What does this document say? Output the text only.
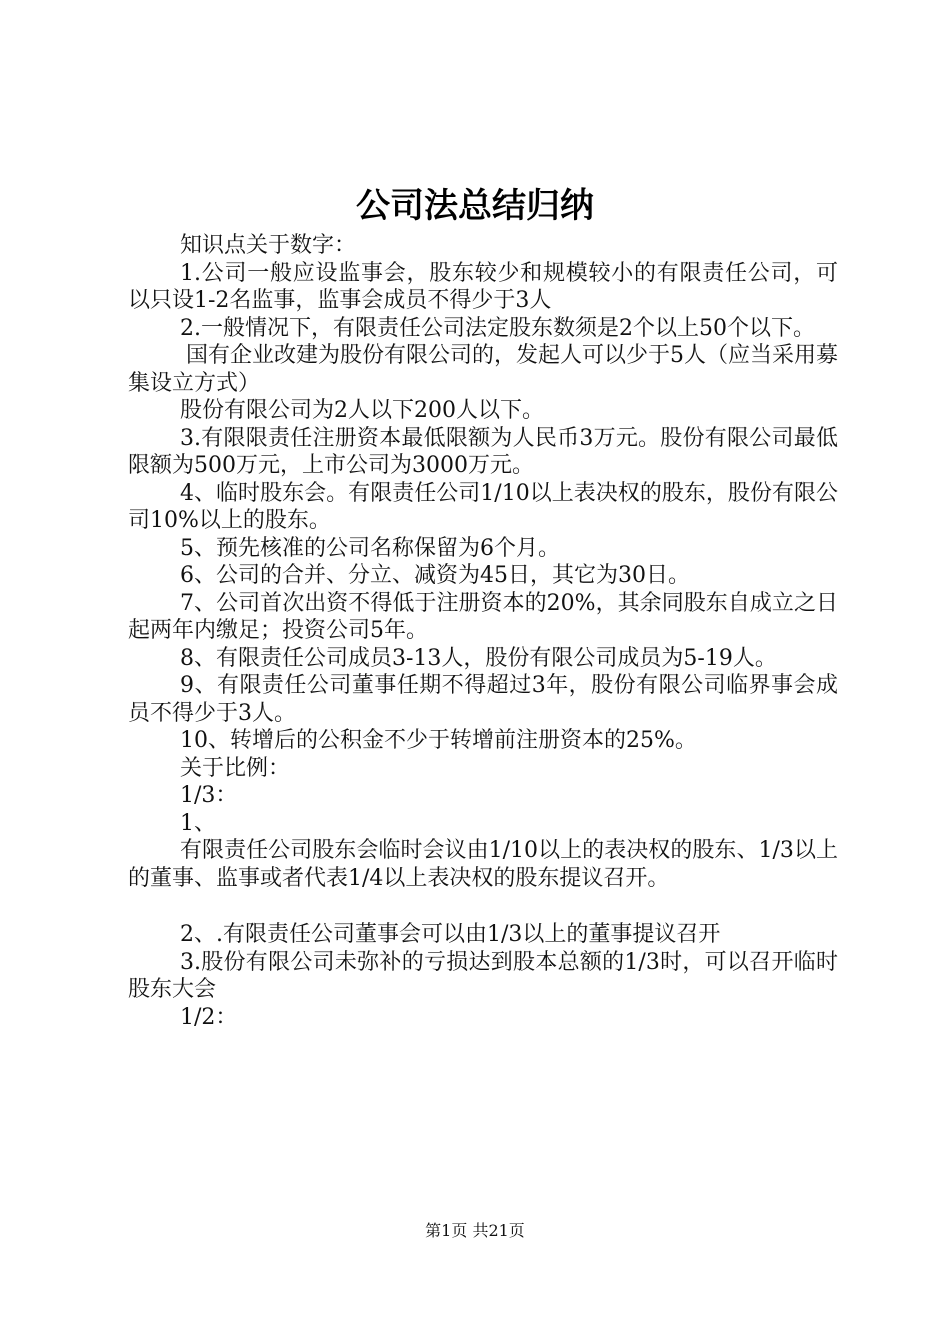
公司法总结归纳

知识点关于数字：

1.公司一般应设监事会，股东较少和规模较小的有限责任公司，可以只设1-2名监事，监事会成员不得少于3人

2.一般情况下，有限责任公司法定股东数须是2个以上50个以下。

国有企业改建为股份有限公司的，发起人可以少于5人（应当采用募集设立方式）

股份有限公司为2人以下200人以下。

3.有限限责任注册资本最低限额为人民币3万元。股份有限公司最低限额为500万元，上市公司为3000万元。

4、临时股东会。有限责任公司1/10以上表决权的股东，股份有限公司10%以上的股东。

5、预先核准的公司名称保留为6个月。

6、公司的合并、分立、减资为45日，其它为30日。

7、公司首次出资不得低于注册资本的20%，其余同股东自成立之日起两年内缴足；投资公司5年。

8、有限责任公司成员3-13人，股份有限公司成员为5-19人。

9、有限责任公司董事任期不得超过3年，股份有限公司临界事会成员不得少于3人。

10、转增后的公积金不少于转增前注册资本的25%。

关于比例：

1/3：

1、

有限责任公司股东会临时会议由1/10以上的表决权的股东、1/3以上的董事、监事或者代表1/4以上表决权的股东提议召开。

2、.有限责任公司董事会可以由1/3以上的董事提议召开

3.股份有限公司未弥补的亏损达到股本总额的1/3时，可以召开临时股东大会

1/2：

第1页 共21页
